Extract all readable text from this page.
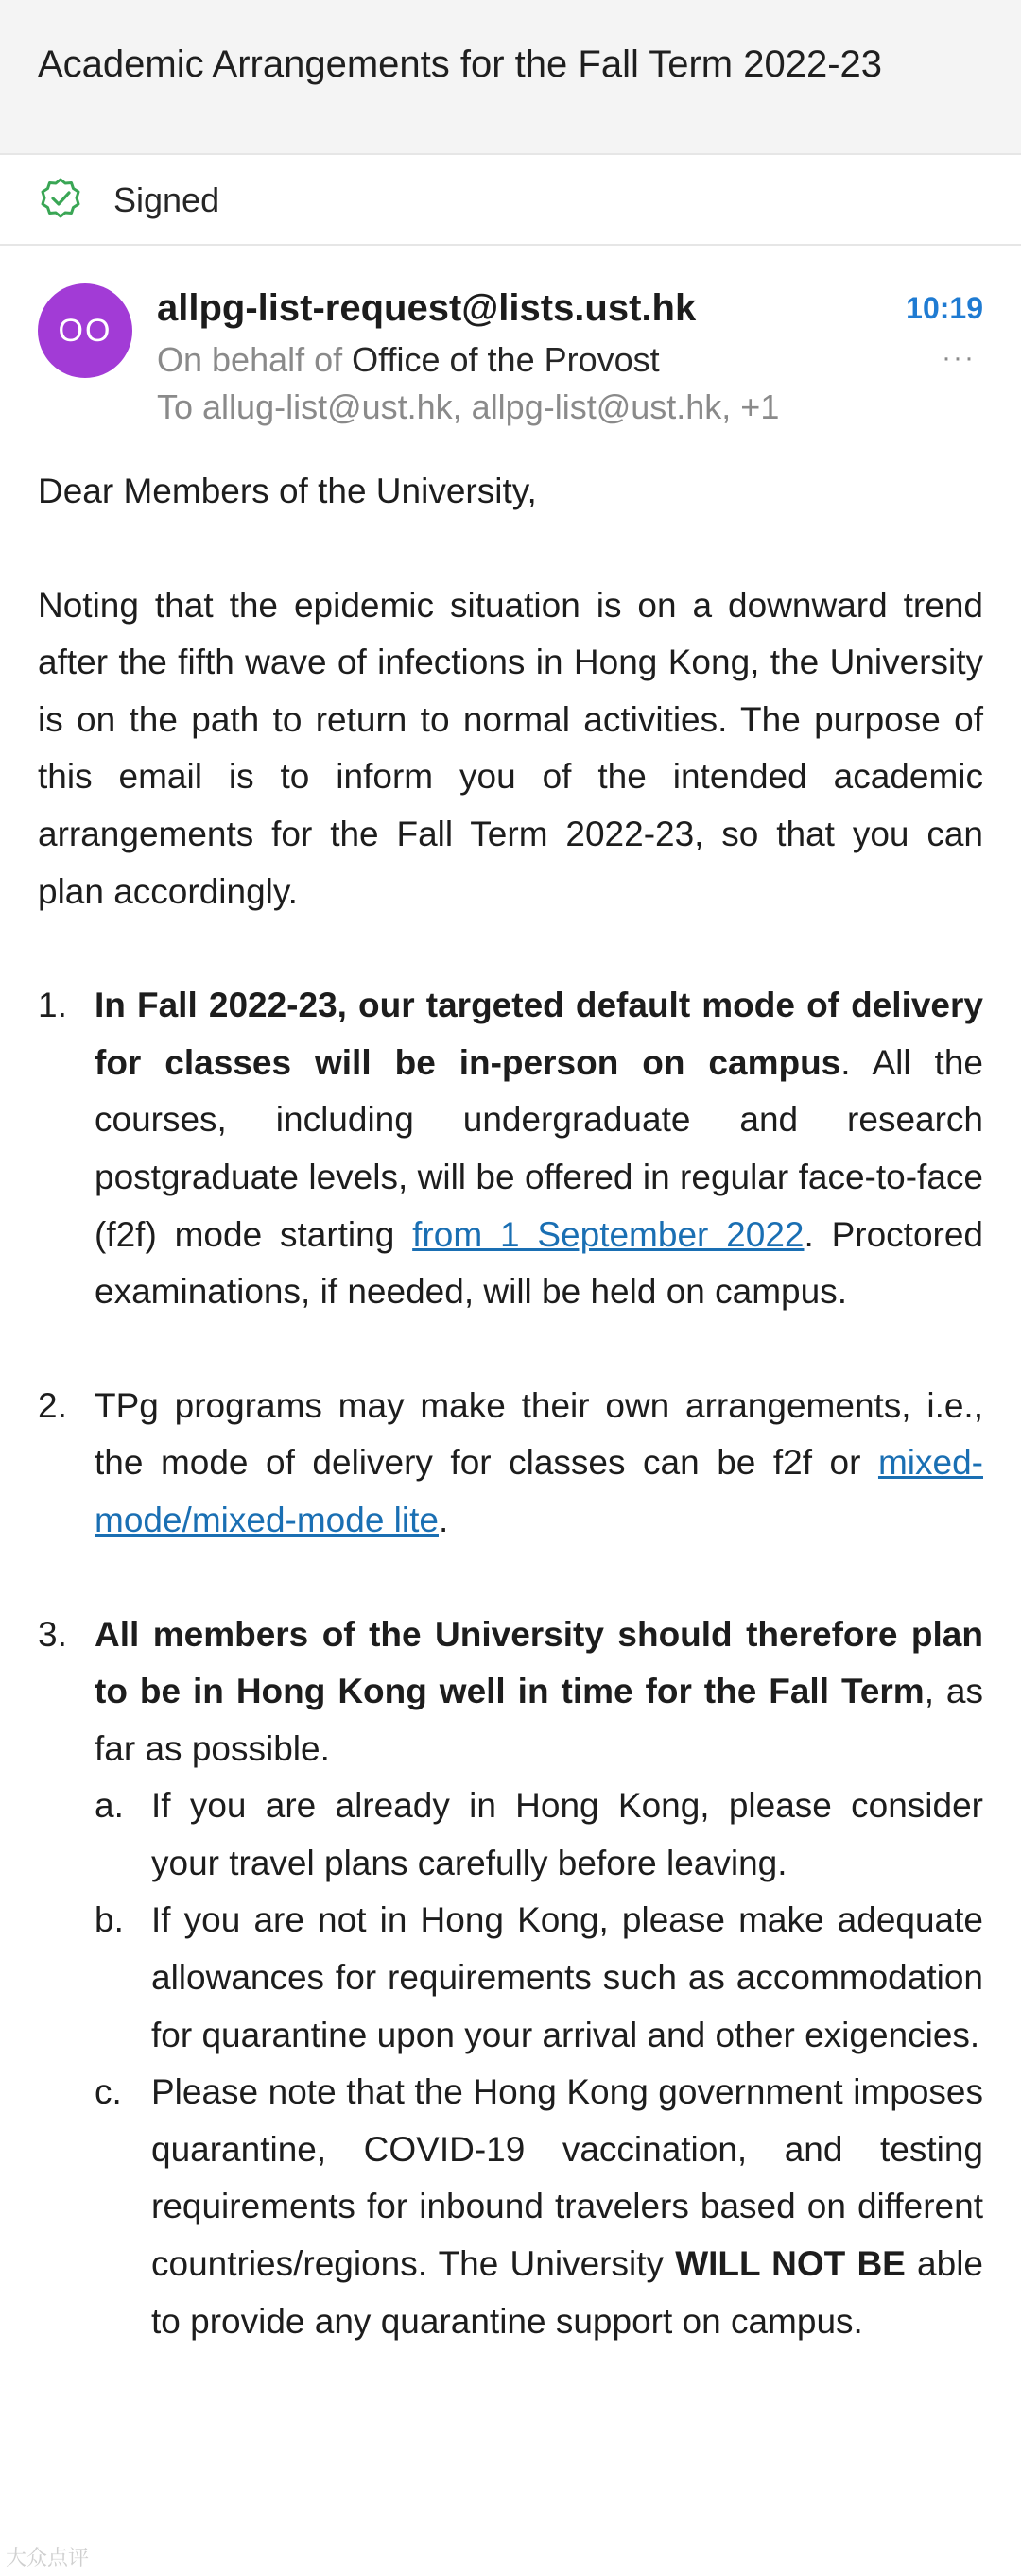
Academic Arrangements for the Fall Term 2022-23
Signed
OO
allpg-list-request@lists.ust.hk	10:19
···
On behalf of Office of the Provost
To allug-list@ust.hk, allpg-list@ust.hk, +1

Dear Members of the University,

Noting that the epidemic situation is on a downward trend after the fifth wave of infections in Hong Kong, the University is on the path to return to normal activities. The purpose of this email is to inform you of the intended academic arrangements for the Fall Term 2022-23, so that you can plan accordingly.

1. In Fall 2022-23, our targeted default mode of delivery for classes will be in-person on campus. All the courses, including undergraduate and research postgraduate levels, will be offered in regular face-to-face (f2f) mode starting from 1 September 2022. Proctored examinations, if needed, will be held on campus.

2. TPg programs may make their own arrangements, i.e., the mode of delivery for classes can be f2f or mixed-mode/mixed-mode lite.

3. All members of the University should therefore plan to be in Hong Kong well in time for the Fall Term, as far as possible.

a. If you are already in Hong Kong, please consider your travel plans carefully before leaving.

b. If you are not in Hong Kong, please make adequate allowances for requirements such as accommodation for quarantine upon your arrival and other exigencies.

c. Please note that the Hong Kong government imposes quarantine, COVID-19 vaccination, and testing requirements for inbound travelers based on different countries/regions. The University WILL NOT BE able to provide any quarantine support on campus.

大众点评
